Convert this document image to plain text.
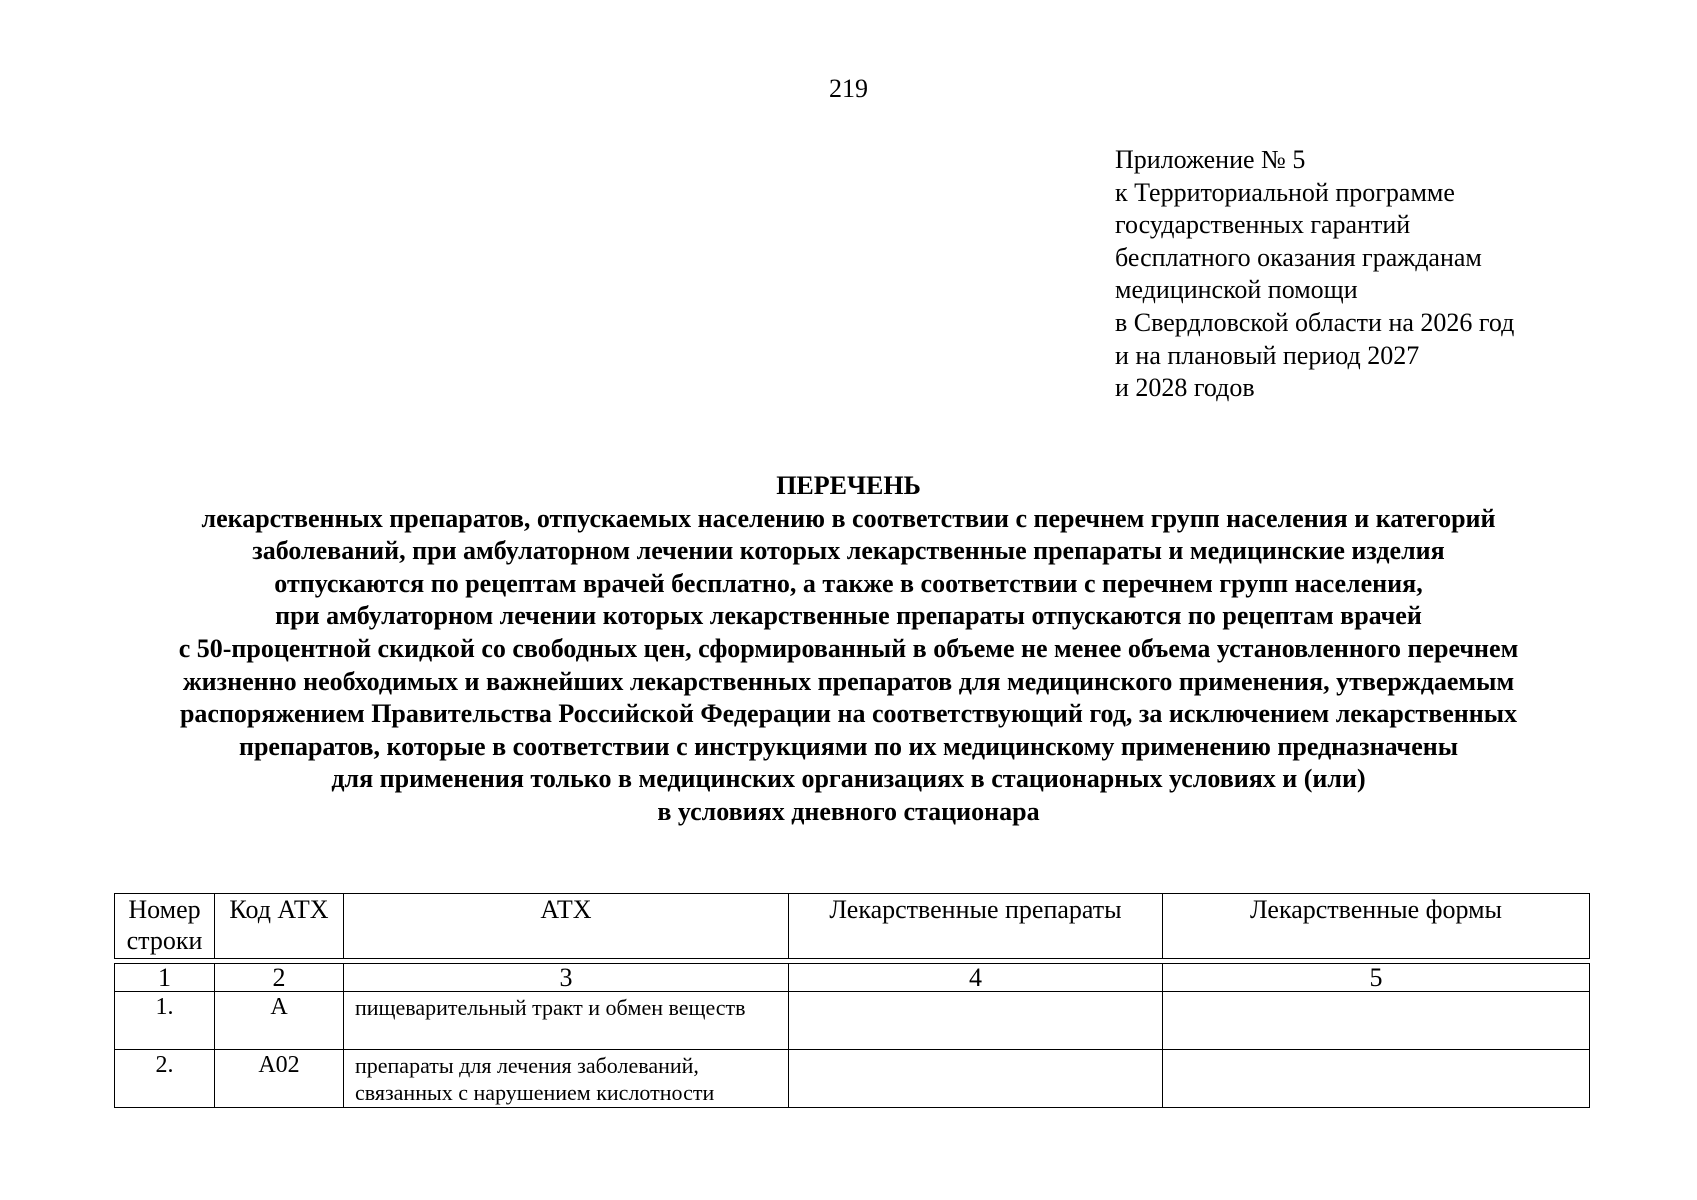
219
Приложение № 5
к Территориальной программе
государственных гарантий
бесплатного оказания гражданам
медицинской помощи
в Свердловской области на 2026 год
и на плановый период 2027
и 2028 годов
ПЕРЕЧЕНЬ
лекарственных препаратов, отпускаемых населению в соответствии с перечнем групп населения и категорий
заболеваний, при амбулаторном лечении которых лекарственные препараты и медицинские изделия
отпускаются по рецептам врачей бесплатно, а также в соответствии с перечнем групп населения,
при амбулаторном лечении которых лекарственные препараты отпускаются по рецептам врачей
с 50-процентной скидкой со свободных цен, сформированный в объеме не менее объема установленного перечнем
жизненно необходимых и важнейших лекарственных препаратов для медицинского применения, утверждаемым
распоряжением Правительства Российской Федерации на соответствующий год, за исключением лекарственных
препаратов, которые в соответствии с инструкциями по их медицинскому применению предназначены
для применения только в медицинских организациях в стационарных условиях и (или)
в условиях дневного стационара
Номер строки	Код АТХ	АТХ	Лекарственные препараты	Лекарственные формы
1	2	3	4	5
1.	А	пищеварительный тракт и обмен веществ		
2.	А02	препараты для лечения заболеваний, связанных с нарушением кислотности		
